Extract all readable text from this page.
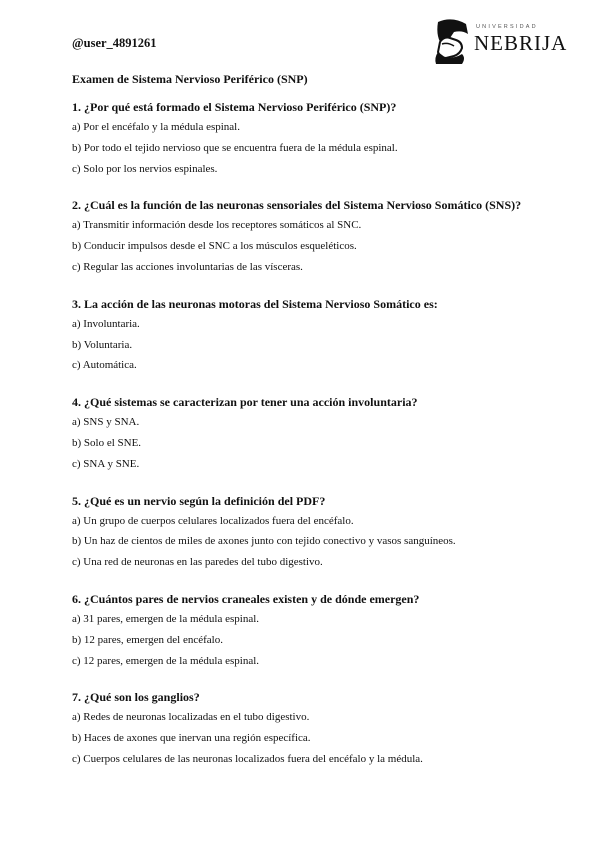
@user_4891261
UNIVERSIDAD
NEBRIJA
Examen de Sistema Nervioso Periférico (SNP)
1. ¿Por qué está formado el Sistema Nervioso Periférico (SNP)?
a) Por el encéfalo y la médula espinal.
b) Por todo el tejido nervioso que se encuentra fuera de la médula espinal.
c) Solo por los nervios espinales.
2. ¿Cuál es la función de las neuronas sensoriales del Sistema Nervioso Somático (SNS)?
a) Transmitir información desde los receptores somáticos al SNC.
b) Conducir impulsos desde el SNC a los músculos esqueléticos.
c) Regular las acciones involuntarias de las vísceras.
3. La acción de las neuronas motoras del Sistema Nervioso Somático es:
a) Involuntaria.
b) Voluntaria.
c) Automática.
4. ¿Qué sistemas se caracterizan por tener una acción involuntaria?
a) SNS y SNA.
b) Solo el SNE.
c) SNA y SNE.
5. ¿Qué es un nervio según la definición del PDF?
a) Un grupo de cuerpos celulares localizados fuera del encéfalo.
b) Un haz de cientos de miles de axones junto con tejido conectivo y vasos sanguíneos.
c) Una red de neuronas en las paredes del tubo digestivo.
6. ¿Cuántos pares de nervios craneales existen y de dónde emergen?
a) 31 pares, emergen de la médula espinal.
b) 12 pares, emergen del encéfalo.
c) 12 pares, emergen de la médula espinal.
7. ¿Qué son los ganglios?
a) Redes de neuronas localizadas en el tubo digestivo.
b) Haces de axones que inervan una región específica.
c) Cuerpos celulares de las neuronas localizados fuera del encéfalo y la médula.
